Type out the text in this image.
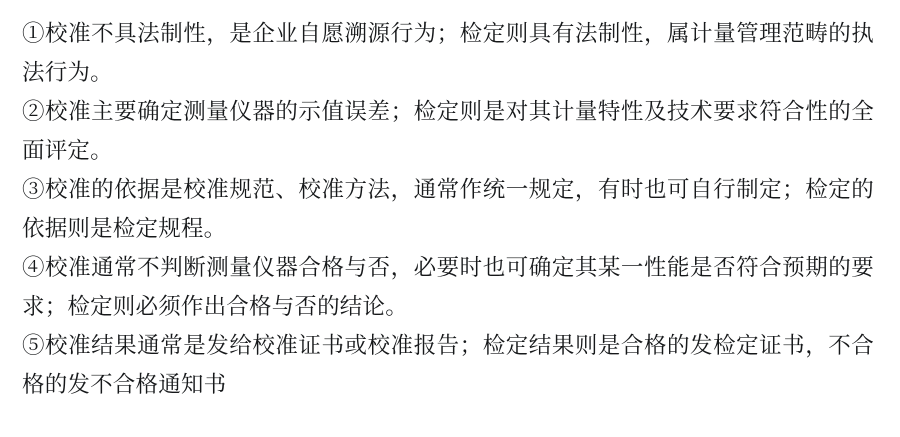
①校准不具法制性，是企业自愿溯源行为；检定则具有法制性，属计量管理范畴的执法行为。

②校准主要确定测量仪器的示值误差；检定则是对其计量特性及技术要求符合性的全面评定。

③校准的依据是校准规范、校准方法，通常作统一规定，有时也可自行制定；检定的依据则是检定规程。

④校准通常不判断测量仪器合格与否，必要时也可确定其某一性能是否符合预期的要求；检定则必须作出合格与否的结论。

⑤校准结果通常是发给校准证书或校准报告；检定结果则是合格的发检定证书，不合格的发不合格通知书
